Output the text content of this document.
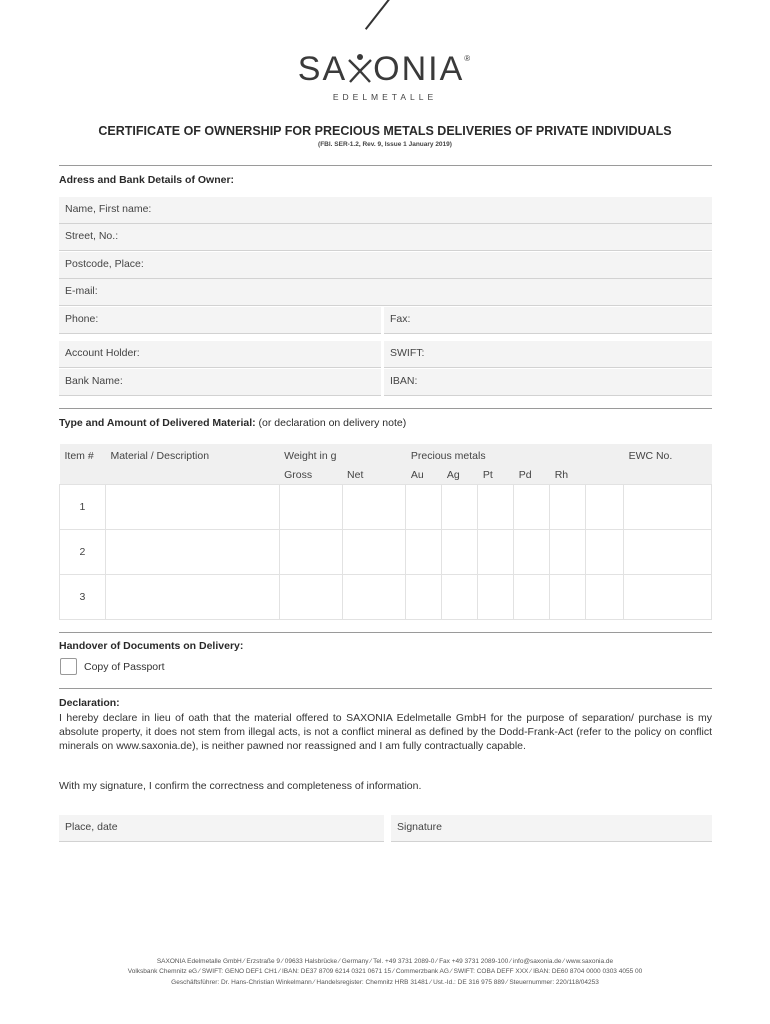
SA ONIA®
EDELMETALLE
CERTIFICATE OF OWNERSHIP FOR PRECIOUS METALS DELIVERIES OF PRIVATE INDIVIDUALS
(FBl. SER-1.2, Rev. 9, Issue 1 January 2019)
Adress and Bank Details of Owner:
Name, First name:
Street, No.:
Postcode, Place:
E-mail:
Phone:	Fax:
Account Holder:	SWIFT:
Bank Name:	IBAN:
Type and Amount of Delivered Material: (or declaration on delivery note)
Item #	Material / Description	Weight in g		Precious metals						EWC No.
		Gross	Net	Au	Ag	Pt	Pd	Rh		
1										
2										
3										
Handover of Documents on Delivery:
Copy of Passport
Declaration:
I hereby declare in lieu of oath that the material offered to SAXONIA Edelmetalle GmbH for the purpose of separation/ purchase is my absolute property, it does not stem from illegal acts, is not a conflict mineral as defined by the Dodd-Frank-Act (refer to the policy on conflict minerals on www.saxonia.de), is neither pawned nor reassigned and I am fully contractually capable.
With my signature, I confirm the correctness and completeness of information.
Place, date	Signature
SAXONIA Edelmetalle GmbH ⁄ Erzstraße 9 ⁄ 09633 Halsbrücke ⁄ Germany ⁄ Tel. +49 3731 2089-0 ⁄ Fax +49 3731 2089-100 ⁄ info@saxonia.de ⁄ www.saxonia.de
Volksbank Chemnitz eG ⁄ SWIFT: GENO DEF1 CH1 ⁄ IBAN: DE37 8709 6214 0321 0671 15 ⁄ Commerzbank AG ⁄ SWIFT: COBA DEFF XXX ⁄ IBAN: DE60 8704 0000 0303 4055 00
Geschäftsführer: Dr. Hans-Christian Winkelmann ⁄ Handelsregister: Chemnitz HRB 31481 ⁄ Ust.-Id.: DE 316 975 889 ⁄ Steuernummer: 220/118/04253
